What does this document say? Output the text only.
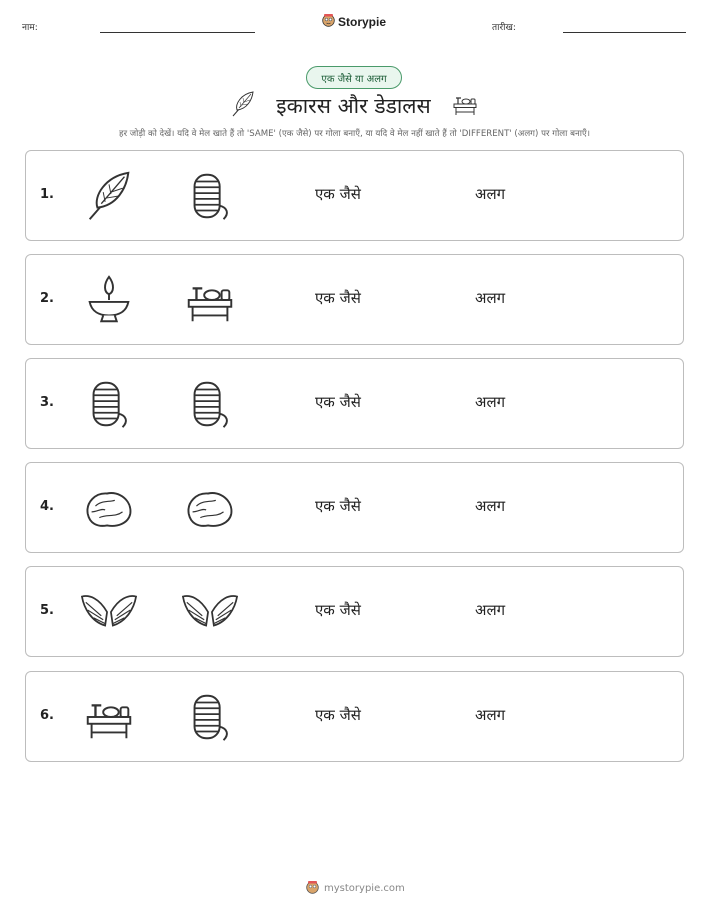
नाम:	Storypie	तारीख:
एक जैसे या अलग
इकारस और डेडालस
हर जोड़ी को देखें। यदि वे मेल खाते हैं तो 'SAME' (एक जैसे) पर गोला बनाएँ, या यदि वे मेल नहीं खाते हैं तो 'DIFFERENT' (अलग) पर गोला बनाएँ।
1.	एक जैसे	अलग
2.	एक जैसे	अलग
3.	एक जैसे	अलग
4.	एक जैसे	अलग
5.	एक जैसे	अलग
6.	एक जैसे	अलग
mystorypie.com
